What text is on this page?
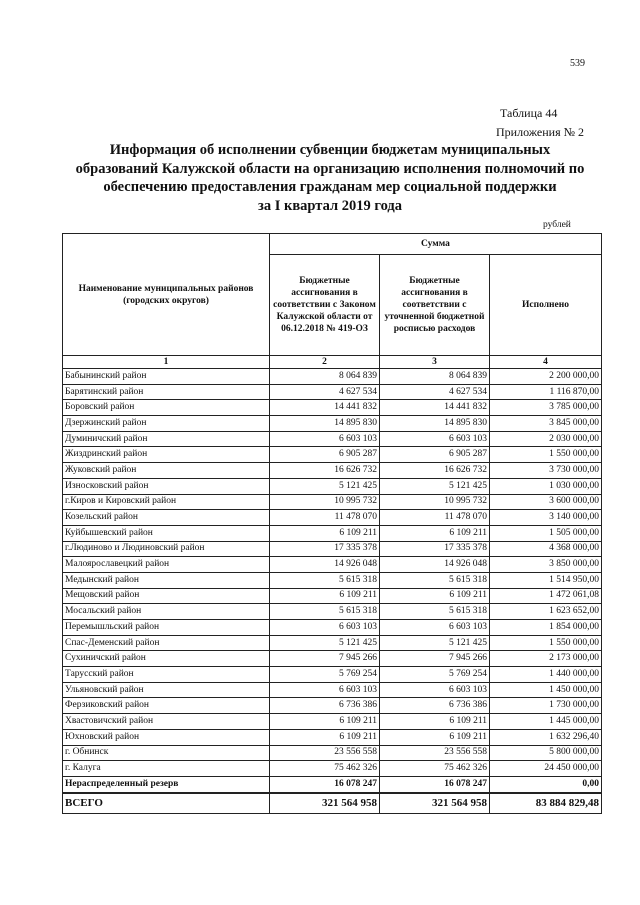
539
Таблица 44
Приложения № 2
Информация об исполнении субвенции бюджетам муниципальных
образований Калужской области на организацию исполнения полномочий по
обеспечению предоставления гражданам мер социальной поддержки
за I квартал 2019 года
рублей
Наименование муниципальных районов (городских округов)	Сумма		
	Бюджетные ассигнования в соответствии с Законом Калужской области от 06.12.2018 № 419-ОЗ	Бюджетные ассигнования в соответствии с уточненной бюджетной росписью расходов	Исполнено
1	2	3	4
Бабынинский район	8 064 839	8 064 839	2 200 000,00
Барятинский район	4 627 534	4 627 534	1 116 870,00
Боровский район	14 441 832	14 441 832	3 785 000,00
Дзержинский район	14 895 830	14 895 830	3 845 000,00
Думиничский район	6 603 103	6 603 103	2 030 000,00
Жиздринский район	6 905 287	6 905 287	1 550 000,00
Жуковский район	16 626 732	16 626 732	3 730 000,00
Износковский район	5 121 425	5 121 425	1 030 000,00
г.Киров и Кировский район	10 995 732	10 995 732	3 600 000,00
Козельский район	11 478 070	11 478 070	3 140 000,00
Куйбышевский район	6 109 211	6 109 211	1 505 000,00
г.Людиново и Людиновский район	17 335 378	17 335 378	4 368 000,00
Малоярославецкий район	14 926 048	14 926 048	3 850 000,00
Медынский район	5 615 318	5 615 318	1 514 950,00
Мещовский район	6 109 211	6 109 211	1 472 061,08
Мосальский район	5 615 318	5 615 318	1 623 652,00
Перемышльский район	6 603 103	6 603 103	1 854 000,00
Спас-Деменский район	5 121 425	5 121 425	1 550 000,00
Сухиничский район	7 945 266	7 945 266	2 173 000,00
Тарусский район	5 769 254	5 769 254	1 440 000,00
Ульяновский район	6 603 103	6 603 103	1 450 000,00
Ферзиковский район	6 736 386	6 736 386	1 730 000,00
Хвастовичский район	6 109 211	6 109 211	1 445 000,00
Юхновский район	6 109 211	6 109 211	1 632 296,40
г. Обнинск	23 556 558	23 556 558	5 800 000,00
г. Калуга	75 462 326	75 462 326	24 450 000,00
Нераспределенный резерв	16 078 247	16 078 247	0,00
ВСЕГО	321 564 958	321 564 958	83 884 829,48
